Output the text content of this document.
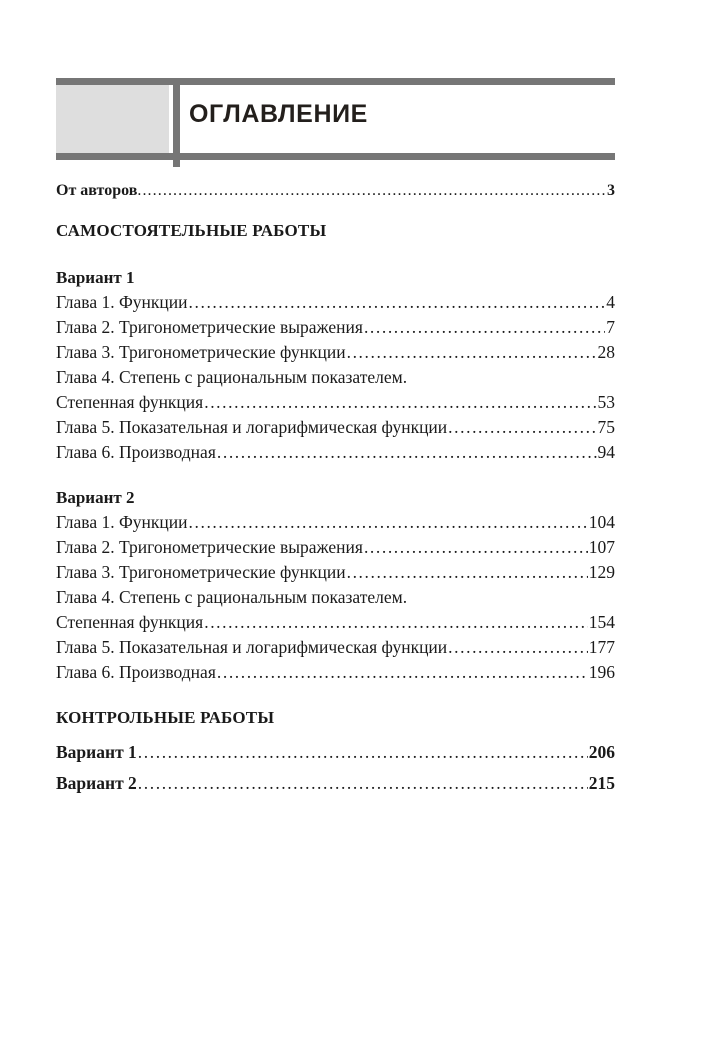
ОГЛАВЛЕНИЕ
От авторов .....	3
САМОСТОЯТЕЛЬНЫЕ РАБОТЫ
Вариант 1
Глава 1. Функции .....	4
Глава 2. Тригонометрические выражения .....	7
Глава 3. Тригонометрические функции .....	28
Глава 4. Степень с рациональным показателем.
Степенная функция .....	53
Глава 5. Показательная и логарифмическая функции .....	75
Глава 6. Производная .....	94
Вариант 2
Глава 1. Функции .....	104
Глава 2. Тригонометрические выражения .....	107
Глава 3. Тригонометрические функции .....	129
Глава 4. Степень с рациональным показателем.
Степенная функция .....	154
Глава 5. Показательная и логарифмическая функции .....	177
Глава 6. Производная .....	196
КОНТРОЛЬНЫЕ РАБОТЫ
Вариант 1 .....	206
Вариант 2 .....	215
